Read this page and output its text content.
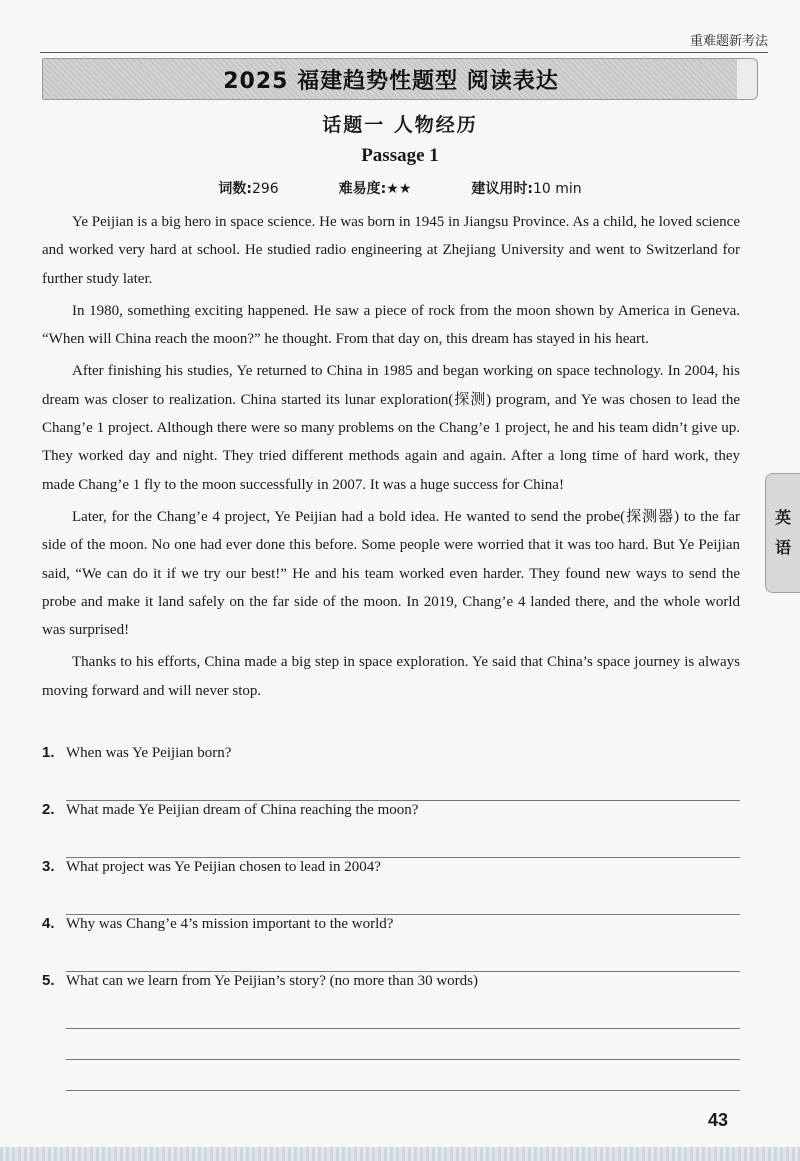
重难题新考法
2025 福建趋势性题型 阅读表达
话题一 人物经历
Passage 1
词数:296	难易度:★★	建议用时:10 min

Ye Peijian is a big hero in space science. He was born in 1945 in Jiangsu Province. As a child, he loved science and worked very hard at school. He studied radio engineering at Zhejiang University and went to Switzerland for further study later.

In 1980, something exciting happened. He saw a piece of rock from the moon shown by America in Geneva. “When will China reach the moon?” he thought. From that day on, this dream has stayed in his heart.

After finishing his studies, Ye returned to China in 1985 and began working on space technology. In 2004, his dream was closer to realization. China started its lunar exploration(探测) program, and Ye was chosen to lead the Chang’e 1 project. Although there were so many problems on the Chang’e 1 project, he and his team didn’t give up. They worked day and night. They tried different methods again and again. After a long time of hard work, they made Chang’e 1 fly to the moon successfully in 2007. It was a huge success for China!

Later, for the Chang’e 4 project, Ye Peijian had a bold idea. He wanted to send the probe(探测器) to the far side of the moon. No one had ever done this before. Some people were worried that it was too hard. But Ye Peijian said, “We can do it if we try our best!” He and his team worked even harder. They found new ways to send the probe and make it land safely on the far side of the moon. In 2019, Chang’e 4 landed there, and the whole world was surprised!

Thanks to his efforts, China made a big step in space exploration. Ye said that China’s space journey is always moving forward and will never stop.

1. When was Ye Peijian born?
2. What made Ye Peijian dream of China reaching the moon?
3. What project was Ye Peijian chosen to lead in 2004?
4. Why was Chang’e 4’s mission important to the world?
5. What can we learn from Ye Peijian’s story? (no more than 30 words)
英
语
43
